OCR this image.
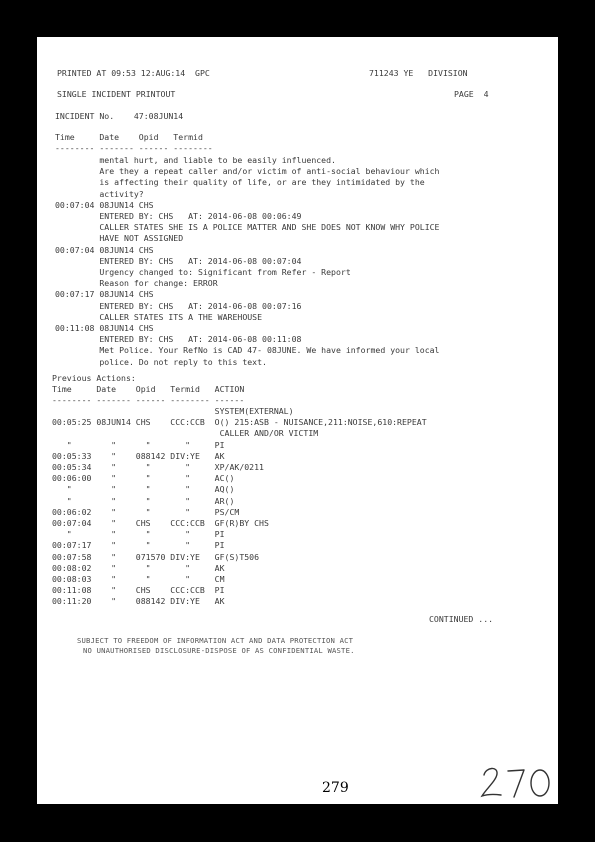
PRINTED AT 09:53 12:AUG:14  GPC	711243 YE   DIVISION
SINGLE INCIDENT PRINTOUT	PAGE  4
INCIDENT No.    47:08JUN14
Time     Date    Opid   Termid
-------- ------- ------ --------
mental hurt, and liable to be easily influenced.
Are they a repeat caller and/or victim of anti-social behaviour which
is affecting their quality of life, or are they intimidated by the
activity?
00:07:04 08JUN14 CHS
ENTERED BY: CHS   AT: 2014-06-08 00:06:49
CALLER STATES SHE IS A POLICE MATTER AND SHE DOES NOT KNOW WHY POLICE
HAVE NOT ASSIGNED
00:07:04 08JUN14 CHS
ENTERED BY: CHS   AT: 2014-06-08 00:07:04
Urgency changed to: Significant from Refer - Report
Reason for change: ERROR
00:07:17 08JUN14 CHS
ENTERED BY: CHS   AT: 2014-06-08 00:07:16
CALLER STATES ITS A THE WAREHOUSE
00:11:08 08JUN14 CHS
ENTERED BY: CHS   AT: 2014-06-08 00:11:08
Met Police. Your RefNo is CAD 47- 08JUNE. We have informed your local
police. Do not reply to this text.
Previous Actions:
Time     Date    Opid   Termid   ACTION
-------- ------- ------ -------- ------
SYSTEM(EXTERNAL)
00:05:25 08JUN14 CHS    CCC:CCB  O() 215:ASB - NUISANCE,211:NOISE,610:REPEAT
CALLER AND/OR VICTIM
"        "      "       "     PI
00:05:33    "    088142 DIV:YE   AK
00:05:34    "      "       "     XP/AK/0211
00:06:00    "      "       "     AC()
"        "      "       "     AQ()
"        "      "       "     AR()
00:06:02    "      "       "     PS/CM
00:07:04    "    CHS    CCC:CCB  GF(R)BY CHS
"        "      "       "     PI
00:07:17    "      "       "     PI
00:07:58    "    071570 DIV:YE   GF(S)T506
00:08:02    "      "       "     AK
00:08:03    "      "       "     CM
00:11:08    "    CHS    CCC:CCB  PI
00:11:20    "    088142 DIV:YE   AK
CONTINUED ...
SUBJECT TO FREEDOM OF INFORMATION ACT AND DATA PROTECTION ACT
NO UNAUTHORISED DISCLOSURE-DISPOSE OF AS CONFIDENTIAL WASTE.
279
